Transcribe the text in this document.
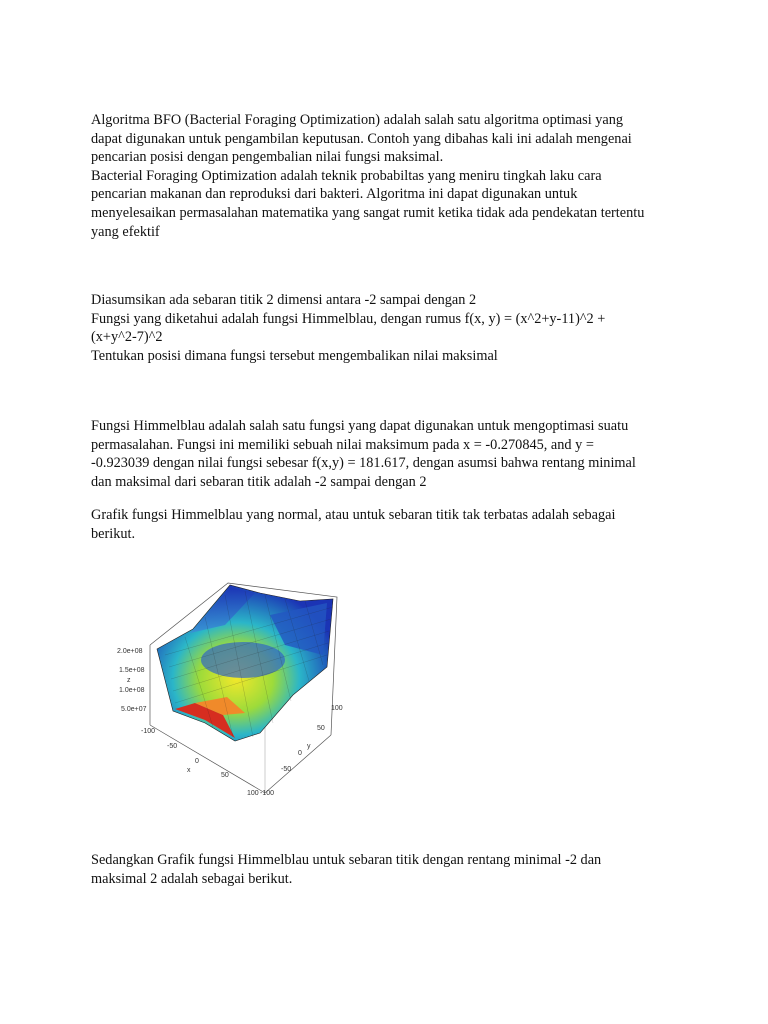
Algoritma BFO (Bacterial Foraging Optimization) adalah salah satu algoritma optimasi yang
dapat digunakan untuk pengambilan keputusan. Contoh yang dibahas kali ini adalah mengenai
pencarian posisi dengan pengembalian nilai fungsi maksimal.
Bacterial Foraging Optimization adalah teknik probabiltas yang meniru tingkah laku cara
pencarian makanan dan reproduksi dari bakteri. Algoritma ini dapat digunakan untuk
menyelesaikan permasalahan matematika yang sangat rumit ketika tidak ada pendekatan tertentu
yang efektif
Diasumsikan ada sebaran titik 2 dimensi antara -2 sampai dengan 2
Fungsi yang diketahui adalah fungsi Himmelblau, dengan rumus f(x, y) = (x^2+y-11)^2 +
(x+y^2-7)^2
Tentukan posisi dimana fungsi tersebut mengembalikan nilai maksimal
Fungsi Himmelblau adalah salah satu fungsi yang dapat digunakan untuk mengoptimasi suatu
permasalahan. Fungsi ini memiliki sebuah nilai maksimum pada x = -0.270845, and y =
-0.923039 dengan nilai fungsi sebesar f(x,y) = 181.617, dengan asumsi bahwa rentang minimal
dan maksimal dari sebaran titik adalah -2 sampai dengan 2
Grafik fungsi Himmelblau yang normal, atau untuk sebaran titik tak terbatas adalah sebagai
berikut.
2.0e+08
1.5e+08
z
1.0e+08
5.0e+07
-100
-50
0
x
50
100
100
50
y
0
-50
-100
Sedangkan Grafik fungsi Himmelblau untuk sebaran titik dengan rentang minimal -2 dan
maksimal 2 adalah sebagai berikut.
